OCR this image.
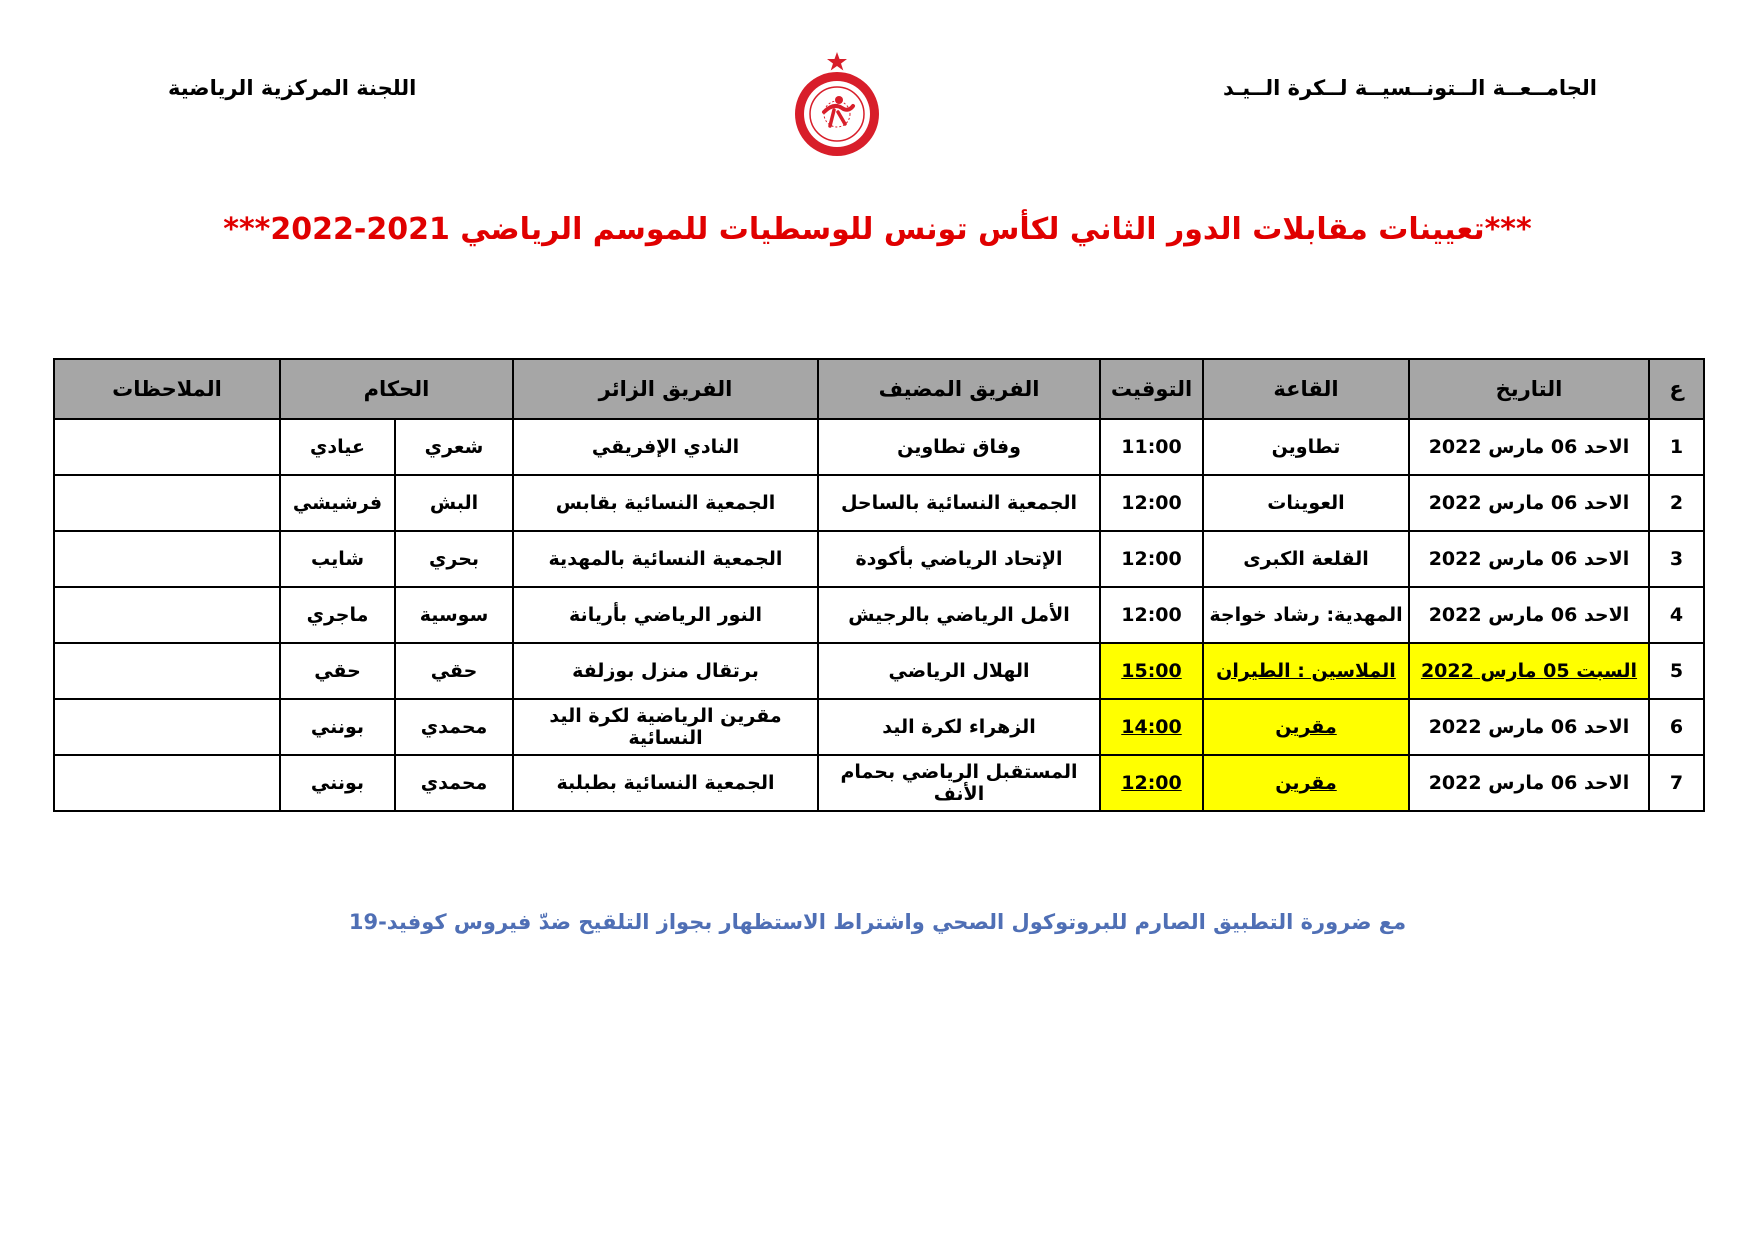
الجامــعــة الــتونــسيــة لــكرة الــيـد
اللجنة المركزية الرياضية
***تعيينات مقابلات الدور الثاني لكأس تونس للوسطيات للموسم الرياضي 2021-2022***
ع	التاريخ	القاعة	التوقيت	الفريق المضيف	الفريق الزائر	الحكام		الملاحظات
1	الاحد 06 مارس 2022	تطاوين	11:00	وفاق تطاوين	النادي الإفريقي	شعري	عيادي	
2	الاحد 06 مارس 2022	العوينات	12:00	الجمعية النسائية بالساحل	الجمعية النسائية بقابس	البش	فرشيشي	
3	الاحد 06 مارس 2022	القلعة الكبرى	12:00	الإتحاد الرياضي بأكودة	الجمعية النسائية بالمهدية	بحري	شايب	
4	الاحد 06 مارس 2022	المهدية: رشاد خواجة	12:00	الأمل الرياضي بالرجيش	النور الرياضي بأريانة	سوسية	ماجري	
5	السبت 05 مارس 2022	الملاسين : الطيران	15:00	الهلال الرياضي	برتقال منزل بوزلفة	حقي	حقي	
6	الاحد 06 مارس 2022	مقرين	14:00	الزهراء لكرة اليد	مقرين الرياضية لكرة اليد النسائية	محمدي	بونني	
7	الاحد 06 مارس 2022	مقرين	12:00	المستقبل الرياضي بحمام الأنف	الجمعية النسائية بطبلبة	محمدي	بونني	
مع ضرورة التطبيق الصارم للبروتوكول الصحي واشتراط الاستظهار بجواز التلقيح ضدّ فيروس كوفيد-19
